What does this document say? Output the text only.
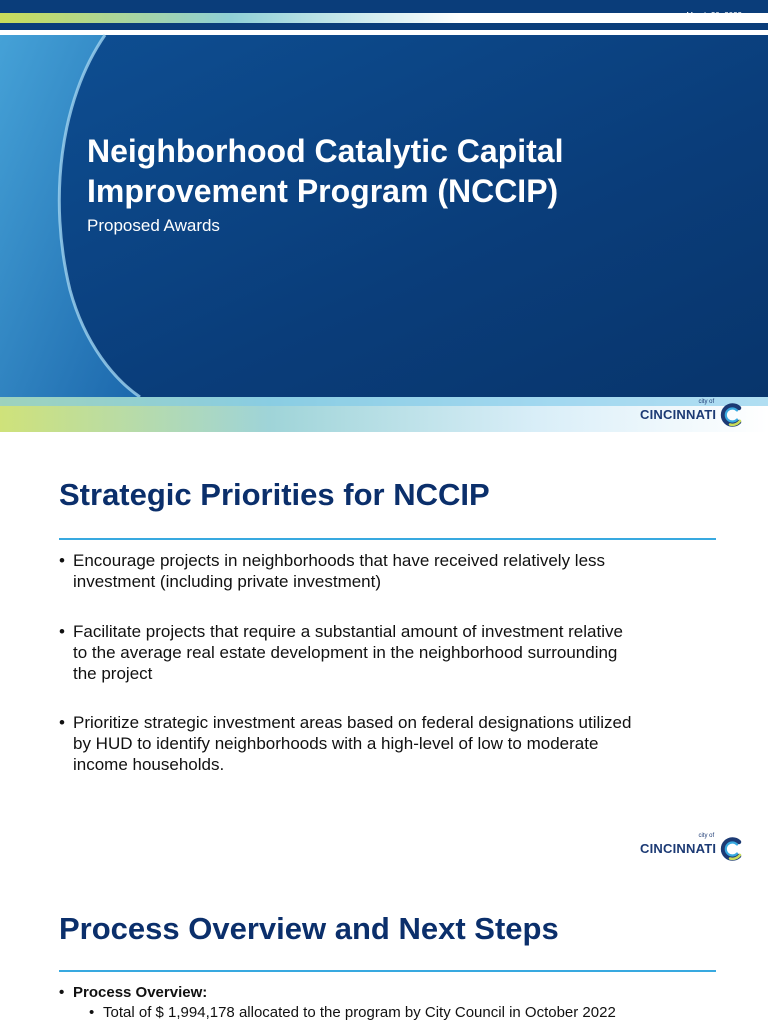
March 20, 2023
Neighborhood Catalytic Capital
Improvement Program (NCCIP)
Proposed Awards
city of
CINCINNATI
Strategic Priorities for NCCIP
• Encourage projects in neighborhoods that have received relatively less
investment (including private investment)
• Facilitate projects that require a substantial amount of investment relative
to the average real estate development in the neighborhood surrounding
the project
• Prioritize strategic investment areas based on federal designations utilized
by HUD to identify neighborhoods with a high-level of low to moderate
income households.
city of
CINCINNATI
Process Overview and Next Steps
• Process Overview:
• Total of $ 1,994,178 allocated to the program by City Council in October 2022
